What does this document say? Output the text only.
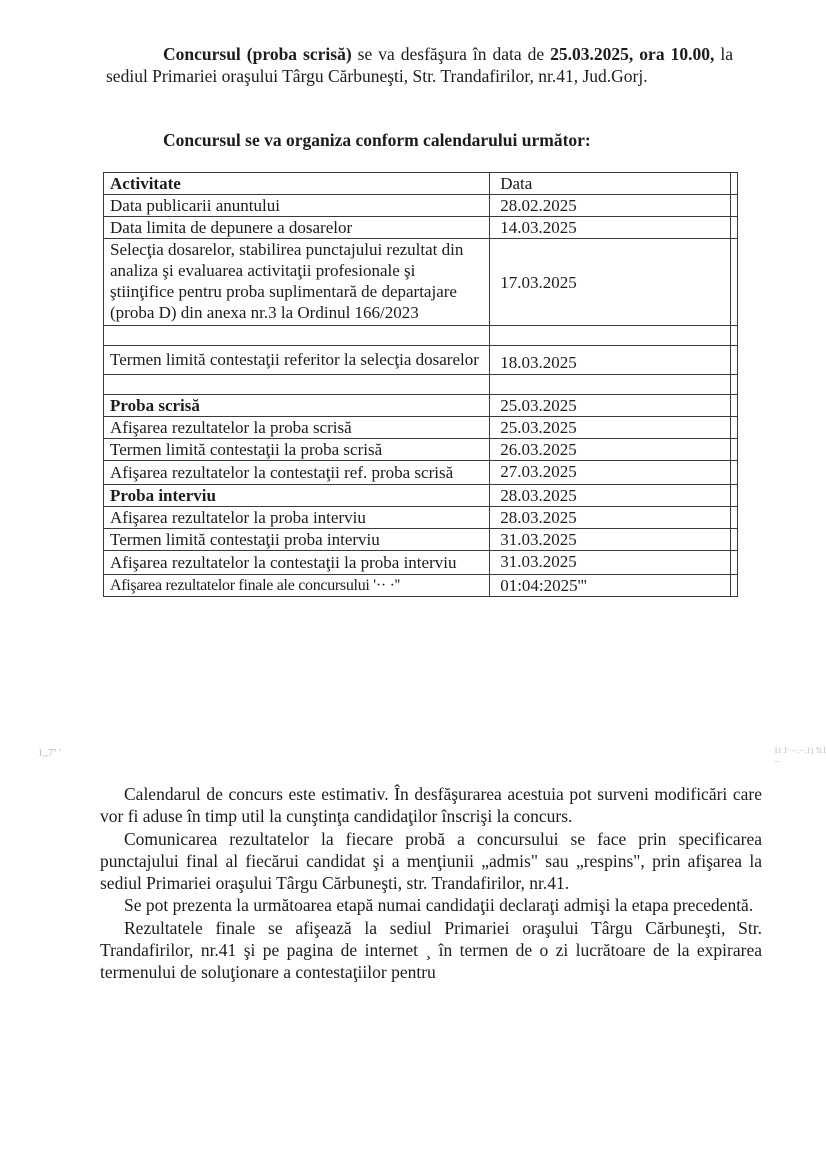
Concursul (proba scrisă) se va desfăşura în data de 25.03.2025, ora 10.00, la sediul Primariei oraşului Târgu Cărbuneşti, Str. Trandafirilor, nr.41, Jud.Gorj.
Concursul se va organiza conform calendarului următor:
Activitate	Data	
Data publicarii anuntului	28.02.2025	
Data limita de depunere a dosarelor	14.03.2025	
Selecţia dosarelor, stabilirea punctajului rezultat din analiza şi evaluarea activitaţii profesionale şi ştiinţifice pentru proba suplimentară de departajare (proba D) din anexa nr.3 la Ordinul 166/2023	17.03.2025	

Termen limită contestaţii referitor la selecţia dosarelor	18.03.2025	

Proba scrisă	25.03.2025	
Afişarea rezultatelor la proba scrisă	25.03.2025	
Termen limită contestaţii la proba scrisă	26.03.2025	
Afişarea rezultatelor la contestaţii ref. proba scrisă	27.03.2025	
Proba interviu	28.03.2025	
Afişarea rezultatelor la proba interviu	28.03.2025	
Termen limită contestaţii proba interviu	31.03.2025	
Afişarea rezultatelor la contestaţii la proba interviu	31.03.2025	
Afişarea rezultatelor finale ale concursului '·· ·''	01:04:2025'''	
1,,7'' '	11 J··-·.-·.1) 'li.l ...

Calendarul de concurs este estimativ. În desfăşurarea acestuia pot surveni modificări care vor fi aduse în timp util la cunştinţa candidaţilor înscrişi la concurs.

Comunicarea rezultatelor la fiecare probă a concursului se face prin specificarea punctajului final al fiecărui candidat şi a menţiunii „admis" sau „respins", prin afişarea la sediul Primariei oraşului Târgu Cărbuneşti, str. Trandafirilor, nr.41.

Se pot prezenta la următoarea etapă numai candidaţii declaraţi admişi la etapa precedentă.

Rezultatele finale se afişează la sediul Primariei oraşului Târgu Cărbuneşti, Str. Trandafirilor, nr.41 şi pe pagina de internet ¸ în termen de o zi lucrătoare de la expirarea termenului de soluţionare a contestaţiilor pentru
